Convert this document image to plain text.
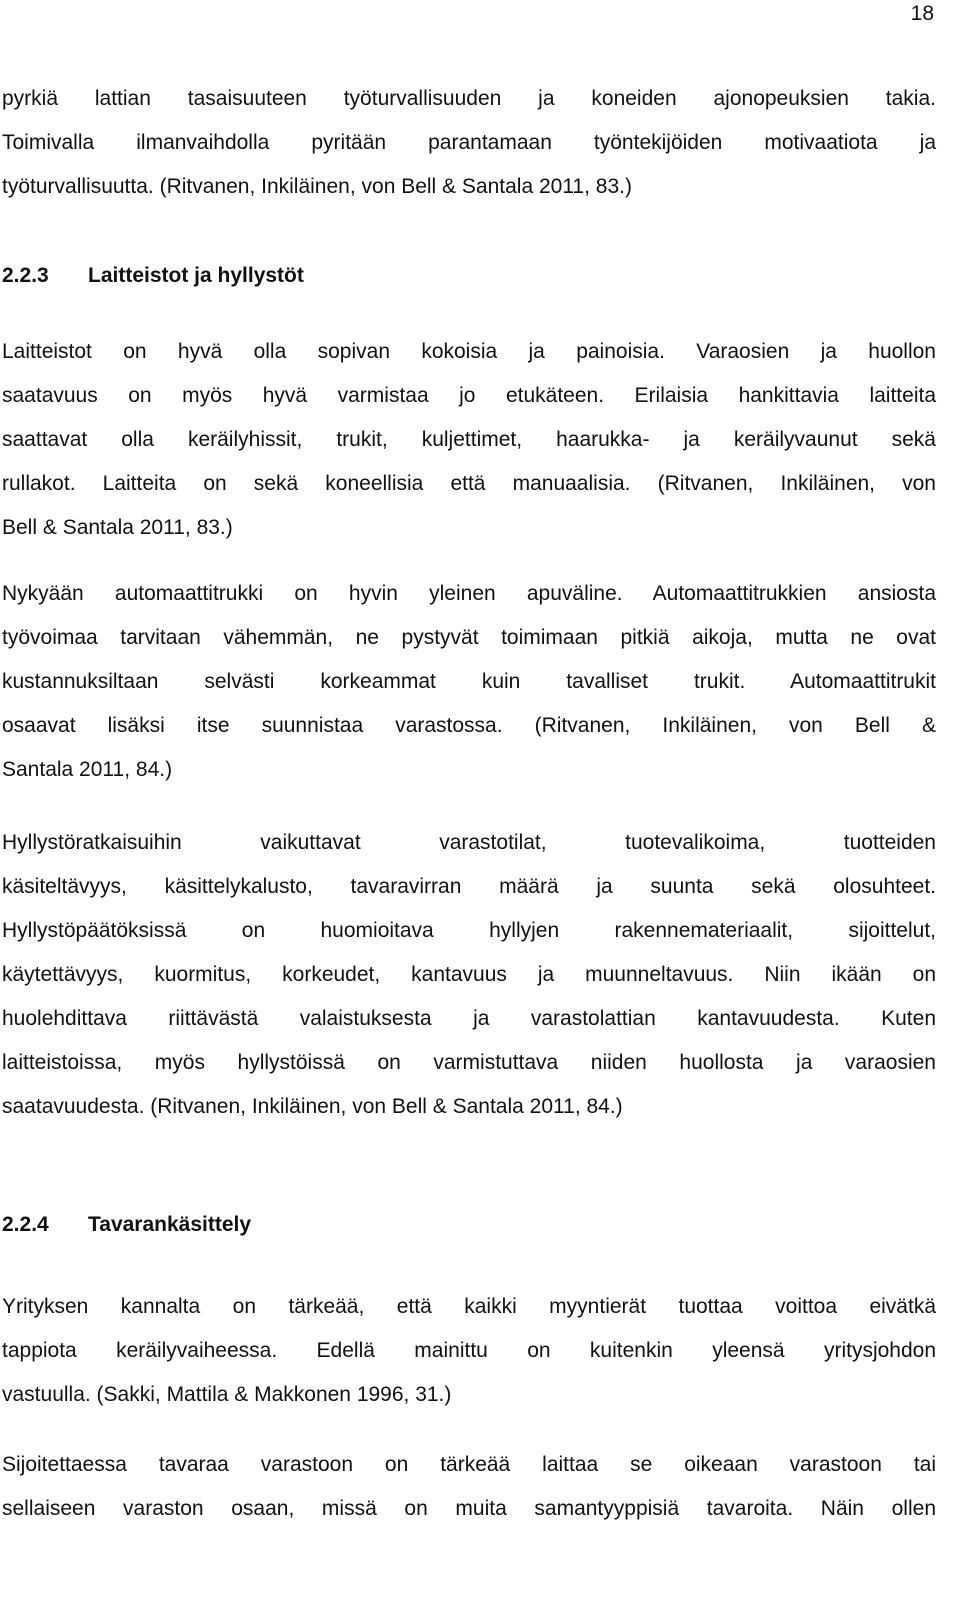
18
pyrkiä lattian tasaisuuteen työturvallisuuden ja koneiden ajonopeuksien takia.
Toimivalla ilmanvaihdolla pyritään parantamaan työntekijöiden motivaatiota ja
työturvallisuutta. (Ritvanen, Inkiläinen, von Bell & Santala 2011, 83.)
2.2.3 Laitteistot ja hyllystöt
Laitteistot on hyvä olla sopivan kokoisia ja painoisia. Varaosien ja huollon
saatavuus on myös hyvä varmistaa jo etukäteen. Erilaisia hankittavia laitteita
saattavat olla keräilyhissit, trukit, kuljettimet, haarukka- ja keräilyvaunut sekä
rullakot. Laitteita on sekä koneellisia että manuaalisia. (Ritvanen, Inkiläinen, von
Bell & Santala 2011, 83.)
Nykyään automaattitrukki on hyvin yleinen apuväline. Automaattitrukkien ansiosta
työvoimaa tarvitaan vähemmän, ne pystyvät toimimaan pitkiä aikoja, mutta ne ovat
kustannuksiltaan selvästi korkeammat kuin tavalliset trukit. Automaattitrukit
osaavat lisäksi itse suunnistaa varastossa. (Ritvanen, Inkiläinen, von Bell &
Santala 2011, 84.)
Hyllystöratkaisuihin vaikuttavat varastotilat, tuotevalikoima, tuotteiden
käsiteltävyys, käsittelykalusto, tavaravirran määrä ja suunta sekä olosuhteet.
Hyllystöpäätöksissä on huomioitava hyllyjen rakennemateriaalit, sijoittelut,
käytettävyys, kuormitus, korkeudet, kantavuus ja muunneltavuus. Niin ikään on
huolehdittava riittävästä valaistuksesta ja varastolattian kantavuudesta. Kuten
laitteistoissa, myös hyllystöissä on varmistuttava niiden huollosta ja varaosien
saatavuudesta. (Ritvanen, Inkiläinen, von Bell & Santala 2011, 84.)
2.2.4 Tavarankäsittely
Yrityksen kannalta on tärkeää, että kaikki myyntierät tuottaa voittoa eivätkä
tappiota keräilyvaiheessa. Edellä mainittu on kuitenkin yleensä yritysjohdon
vastuulla. (Sakki, Mattila & Makkonen 1996, 31.)
Sijoitettaessa tavaraa varastoon on tärkeää laittaa se oikeaan varastoon tai
sellaiseen varaston osaan, missä on muita samantyyppisiä tavaroita. Näin ollen
